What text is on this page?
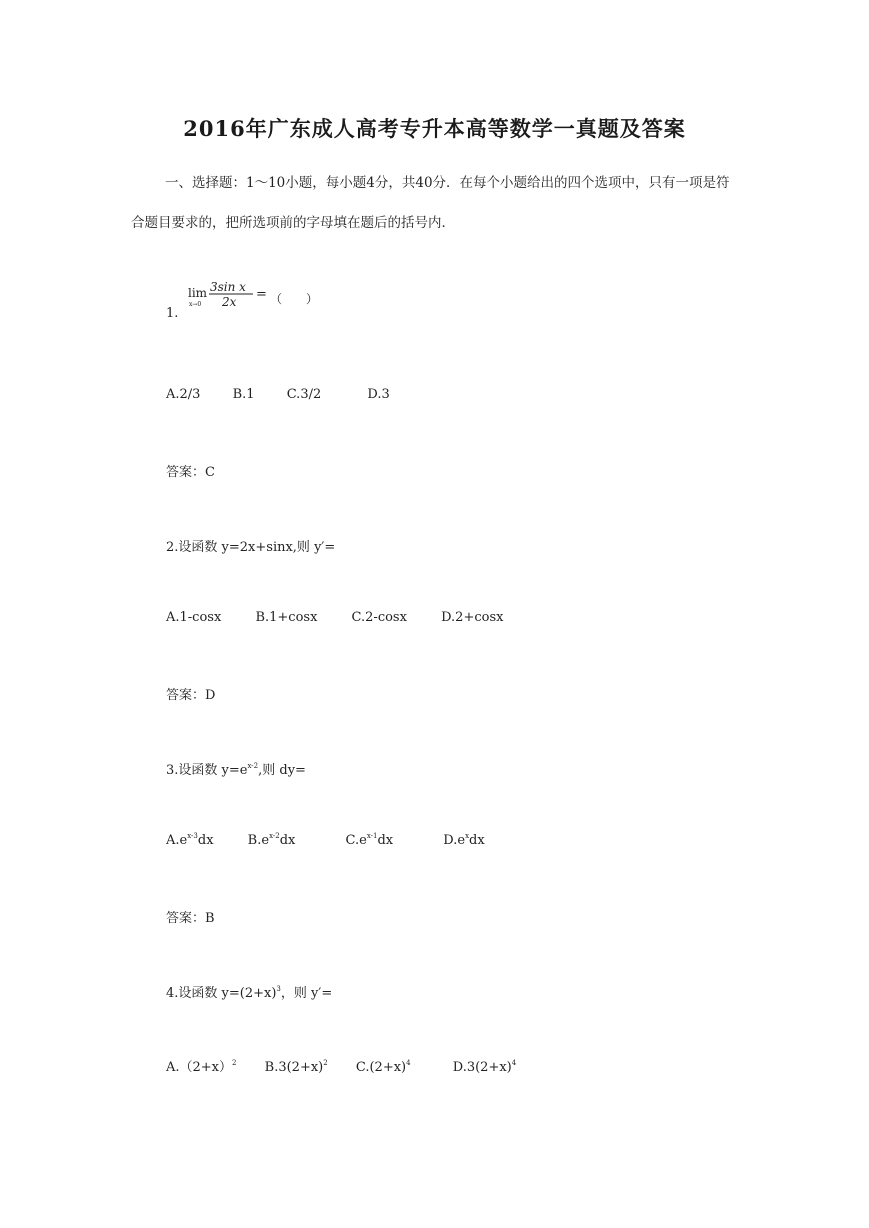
2016年广东成人高考专升本高等数学一真题及答案
一、选择题：1～10小题，每小题4分，共40分．在每个小题给出的四个选项中，只有一项是符合题目要求的，把所选项前的字母填在题后的括号内．
1.
lim
x→0
3sin x
2x = （　　）
A.2/3 B.1 C.3/2	D.3
答案：C
2.设函数 y=2x+sinx,则 y′=
A.1-cosx	B.1+cosx	C.2-cosx	D.2+cosx
答案：D
3.设函数 $y=e^{x-2}$,则 dy=
$A.e^{x-3}dx$	$B.e^{x-2}dx$	$C.e^{x-1}dx$	$D.e^xdx$
答案：B
4.设函数 $y=(2+x)^3$，则 y′=
$A.(2+x)^2$ $B.3(2+x)^2$ $C.(2+x)^4$	$D.3(2+x)^4$
